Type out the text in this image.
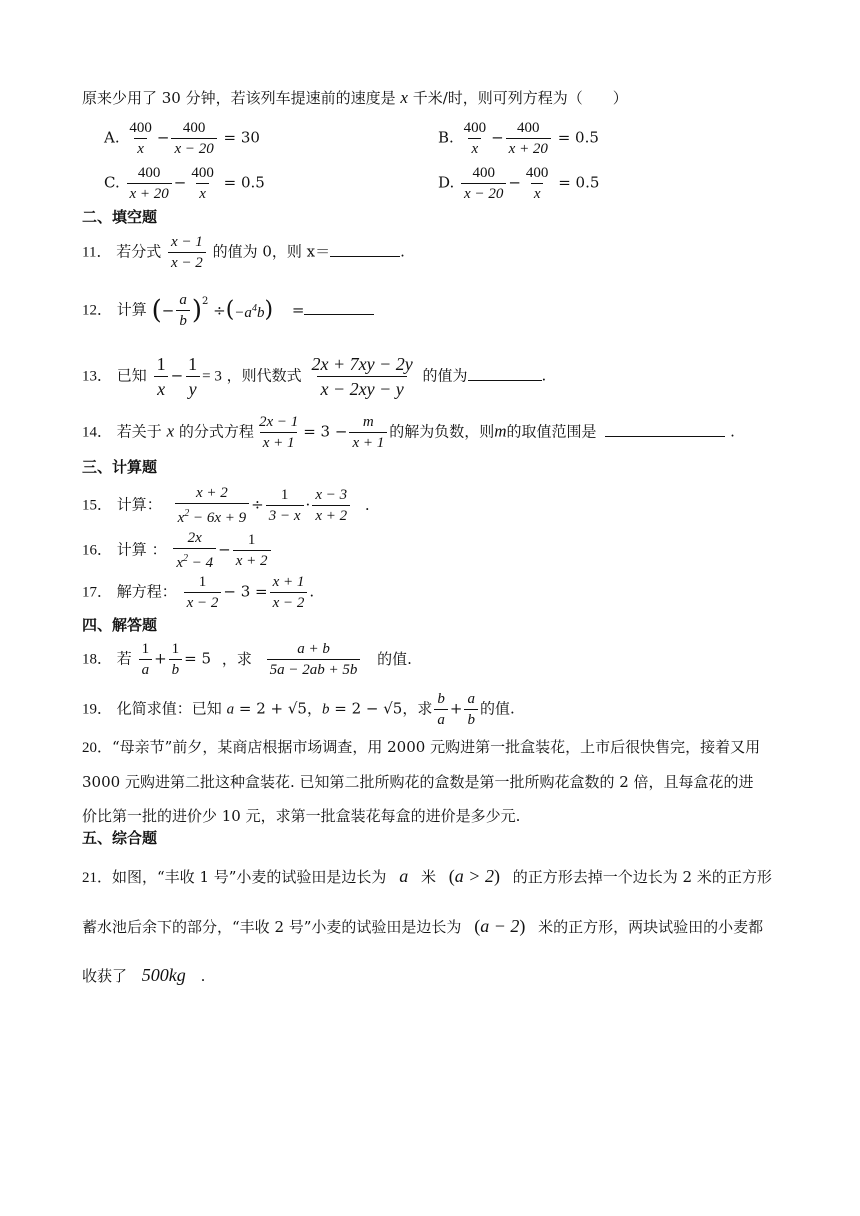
原来少用了 30 分钟，若该列车提速前的速度是 x 千米/时，则可列方程为（　　）
A. $\frac{400}{x} - \frac{400}{x - 20} = 30$	B. $\frac{400}{x} - \frac{400}{x + 20} = 0.5$
C. $\frac{400}{x + 20} - \frac{400}{x} = 0.5$	D. $\frac{400}{x - 20} - \frac{400}{x} = 0.5$
二、填空题
11． 若分式 $\frac{x - 1}{x - 2}$ 的值为 0，则 x＝	.
12． 计算 (− $\frac{a}{b} )^2 \div(-a^4b)$ =
13． 已知 $\frac{1}{x} - \frac{1}{y} = 3$ ，则代数式 $\frac{2x + 7xy - 2y}{x - 2xy - y}$ 的值为	.
14． 若关于 x 的分式方程 $\frac{2x - 1}{x + 1} = 3 - \frac{m}{x + 1}$ 的解为负数，则m的取值范围是	.
三、计算题
15． 计算： $\frac{x + 2}{x^2 - 6x + 9} \div \frac{1}{3 - x} \cdot \frac{x - 3}{x + 2}$ .
16． 计算 ： $\frac{2x}{x^2 - 4} - \frac{1}{x + 2}$
17． 解方程： $\frac{1}{x - 2} - 3 = \frac{x + 1}{x - 2}$ .
四、解答题
18． 若 $\frac{1}{a} + \frac{1}{b} = 5$ ，求 $\frac{a + b}{5a - 2ab + 5b}$ 的值.
19． 化简求值：已知 a = 2 + √5，b = 2 − √5，求 $\frac{b}{a} + \frac{a}{b}$ 的值.
20．“母亲节”前夕，某商店根据市场调查，用 2000 元购进第一批盒装花，上市后很快售完，接着又用
3000 元购进第二批这种盒装花. 已知第二批所购花的盒数是第一批所购花盒数的 2 倍，且每盒花的进
价比第一批的进价少 10 元，求第一批盒装花每盒的进价是多少元.
五、综合题
21．如图，“丰收 1 号”小麦的试验田是边长为 a 米 (a > 2) 的正方形去掉一个边长为 2 米的正方形
蓄水池后余下的部分，“丰收 2 号”小麦的试验田是边长为 (a − 2) 米的正方形，两块试验田的小麦都
收获了 500kg .
